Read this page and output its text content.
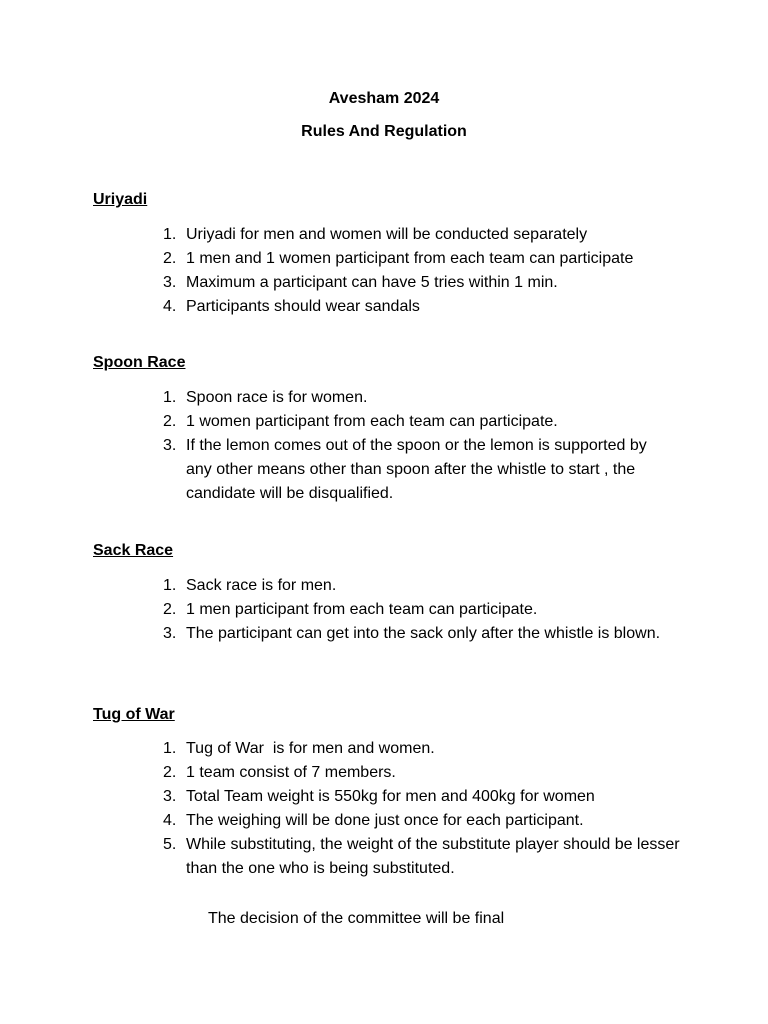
Avesham 2024

Rules And Regulation

Uriyadi

1. Uriyadi for men and women will be conducted separately
2. 1 men and 1 women participant from each team can participate
3. Maximum a participant can have 5 tries within 1 min.
4. Participants should wear sandals

Spoon Race

1. Spoon race is for women.
2. 1 women participant from each team can participate.
3. If the lemon comes out of the spoon or the lemon is supported by any other means other than spoon after the whistle to start , the candidate will be disqualified.

Sack Race

1. Sack race is for men.
2. 1 men participant from each team can participate.
3. The participant can get into the sack only after the whistle is blown.

Tug of War

1. Tug of War  is for men and women.
2. 1 team consist of 7 members.
3. Total Team weight is 550kg for men and 400kg for women
4. The weighing will be done just once for each participant.
5. While substituting, the weight of the substitute player should be lesser than the one who is being substituted.

The decision of the committee will be final
